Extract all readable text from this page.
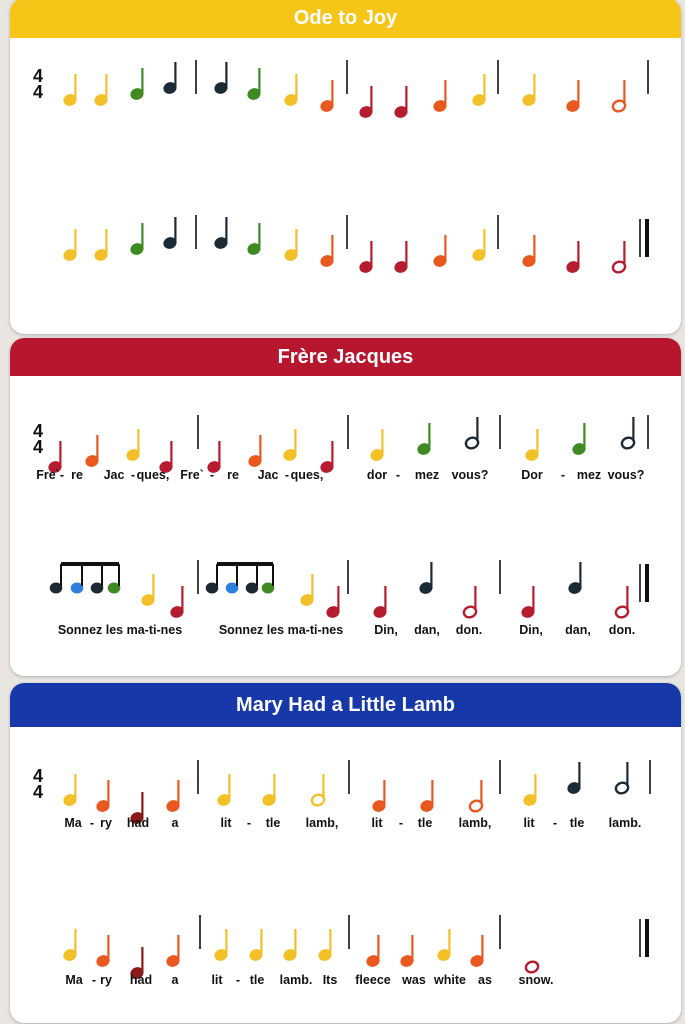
Ode to Joy
Frère Jacques
Mary Had a Little Lamb
4
4
4
4
4
4
Fre` - re Jac - ques, Fre` - re Jac - ques,	dor - mez vous?	Dor - mez vous?
Sonnez les ma-ti-nes	Sonnez les ma-ti-nes Din, dan, don.	Din, dan, don.
Ma - ry had a	lit - tle lamb,	lit - tle lamb,	lit - tle lamb.
Ma - ry had a	lit - tle lamb. Its fleece was white as snow.
